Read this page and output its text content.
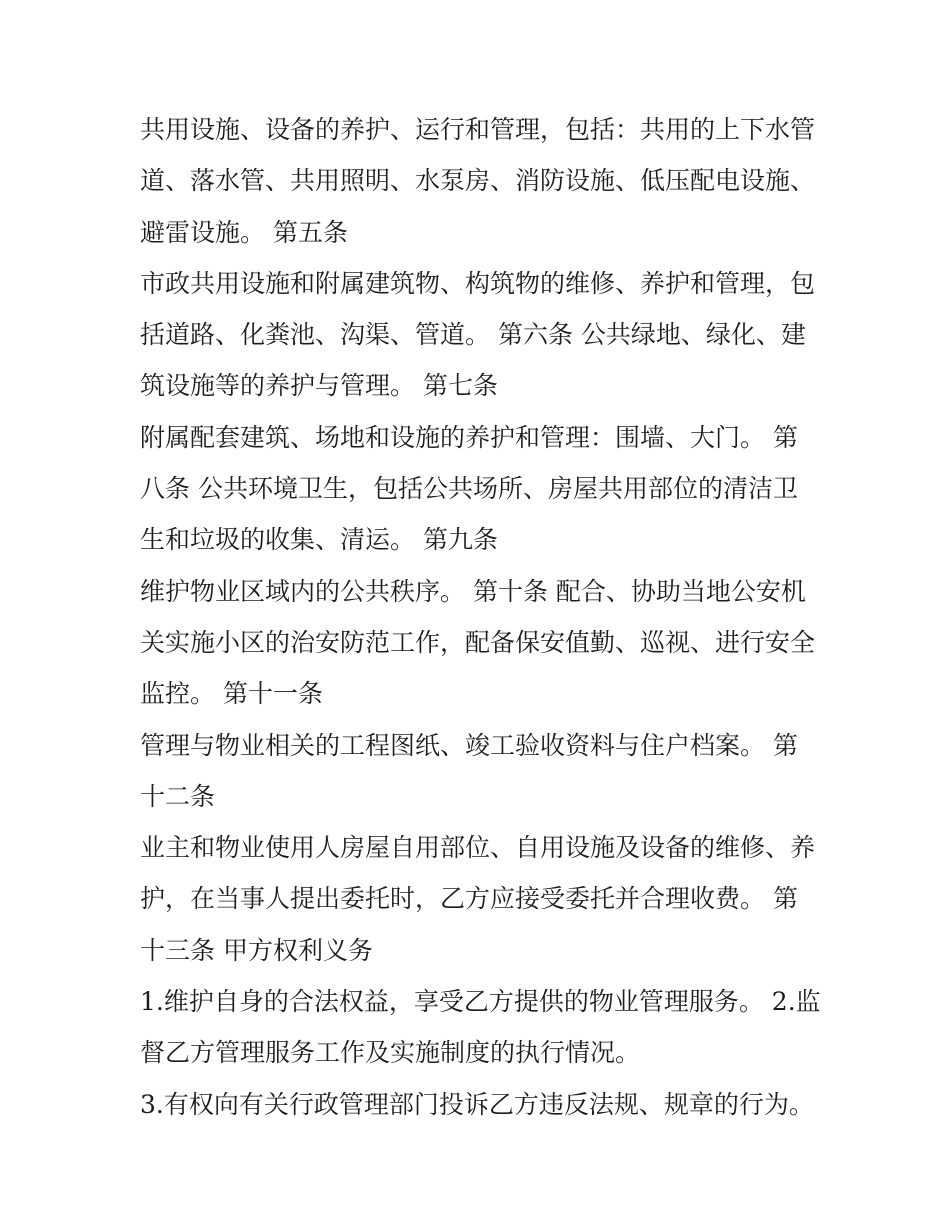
共用设施、设备的养护、运行和管理，包括：共用的上下水管
道、落水管、共用照明、水泵房、消防设施、低压配电设施、
避雷设施。 第五条

市政共用设施和附属建筑物、构筑物的维修、养护和管理，包
括道路、化粪池、沟渠、管道。 第六条 公共绿地、绿化、建
筑设施等的养护与管理。 第七条

附属配套建筑、场地和设施的养护和管理：围墙、大门。 第
八条 公共环境卫生，包括公共场所、房屋共用部位的清洁卫
生和垃圾的收集、清运。 第九条

维护物业区域内的公共秩序。 第十条 配合、协助当地公安机
关实施小区的治安防范工作，配备保安值勤、巡视、进行安全
监控。 第十一条

管理与物业相关的工程图纸、竣工验收资料与住户档案。 第
十二条

业主和物业使用人房屋自用部位、自用设施及设备的维修、养
护，在当事人提出委托时，乙方应接受委托并合理收费。 第
十三条 甲方权利义务

1.维护自身的合法权益，享受乙方提供的物业管理服务。 2.监
督乙方管理服务工作及实施制度的执行情况。

3.有权向有关行政管理部门投诉乙方违反法规、规章的行为。
